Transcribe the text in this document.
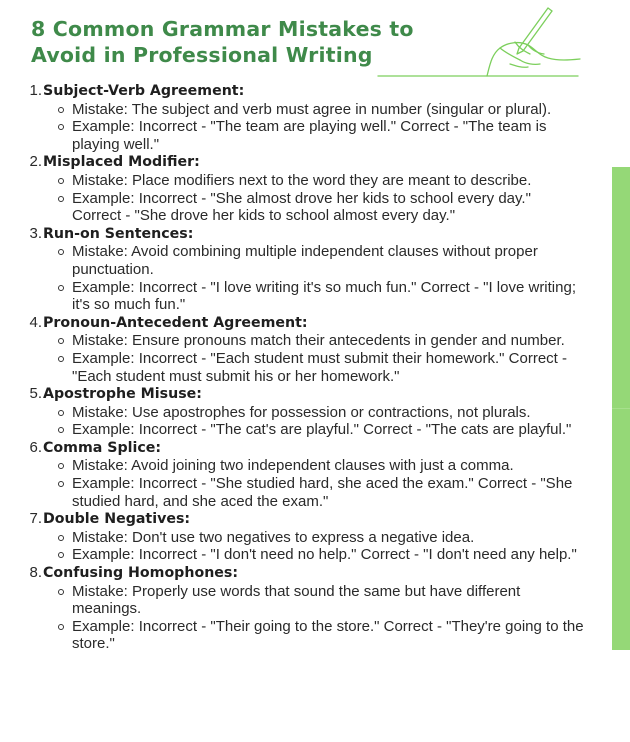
8 Common Grammar Mistakes to
Avoid in Professional Writing
1. Subject-Verb Agreement:
Mistake: The subject and verb must agree in number (singular or plural).
Example: Incorrect - "The team are playing well." Correct - "The team is playing well."
2. Misplaced Modifier:
Mistake: Place modifiers next to the word they are meant to describe.
Example: Incorrect - "She almost drove her kids to school every day." Correct - "She drove her kids to school almost every day."
3. Run-on Sentences:
Mistake: Avoid combining multiple independent clauses without proper punctuation.
Example: Incorrect - "I love writing it's so much fun." Correct - "I love writing; it's so much fun."
4. Pronoun-Antecedent Agreement:
Mistake: Ensure pronouns match their antecedents in gender and number.
Example: Incorrect - "Each student must submit their homework." Correct - "Each student must submit his or her homework."
5. Apostrophe Misuse:
Mistake: Use apostrophes for possession or contractions, not plurals.
Example: Incorrect - "The cat's are playful." Correct - "The cats are playful."
6. Comma Splice:
Mistake: Avoid joining two independent clauses with just a comma.
Example: Incorrect - "She studied hard, she aced the exam." Correct - "She studied hard, and she aced the exam."
7. Double Negatives:
Mistake: Don't use two negatives to express a negative idea.
Example: Incorrect - "I don't need no help." Correct - "I don't need any help."
8. Confusing Homophones:
Mistake: Properly use words that sound the same but have different meanings.
Example: Incorrect - "Their going to the store." Correct - "They're going to the store."
